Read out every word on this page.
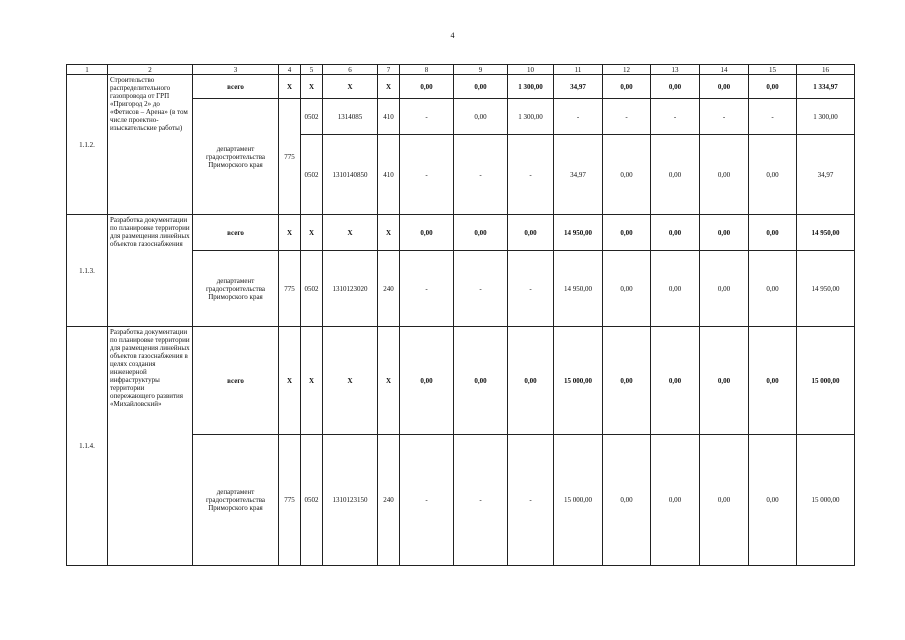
4
1	2	3	4	5	6	7	8	9	10	11	12	13	14	15	16
1.1.2.	Строительство распределительного газопровода от ГРП «Пригород 2» до «Фетисов – Арена» (в том числе проектно-изыскательские работы)	всего	Х	Х	Х	Х	0,00	0,00	1 300,00	34,97	0,00	0,00	0,00	0,00	1 334,97
		департамент градостроительства Приморского края	775	0502	1314085	410	-	0,00	1 300,00	-	-	-	-	-	1 300,00
				0502	1310140850	410	-	-	-	34,97	0,00	0,00	0,00	0,00	34,97
1.1.3.	Разработка документации по планировке территории для размещения линейных объектов газоснабжения	всего	Х	Х	Х	Х	0,00	0,00	0,00	14 950,00	0,00	0,00	0,00	0,00	14 950,00
		департамент градостроительства Приморского края	775	0502	1310123020	240	-	-	-	14 950,00	0,00	0,00	0,00	0,00	14 950,00
1.1.4.	Разработка документации по планировке территории для размещения линейных объектов газоснабжения в целях создания инженерной инфраструктуры территории опережающего развития «Михайловский»	всего	Х	Х	Х	Х	0,00	0,00	0,00	15 000,00	0,00	0,00	0,00	0,00	15 000,00
		департамент градостроительства Приморского края	775	0502	1310123150	240	-	-	-	15 000,00	0,00	0,00	0,00	0,00	15 000,00
